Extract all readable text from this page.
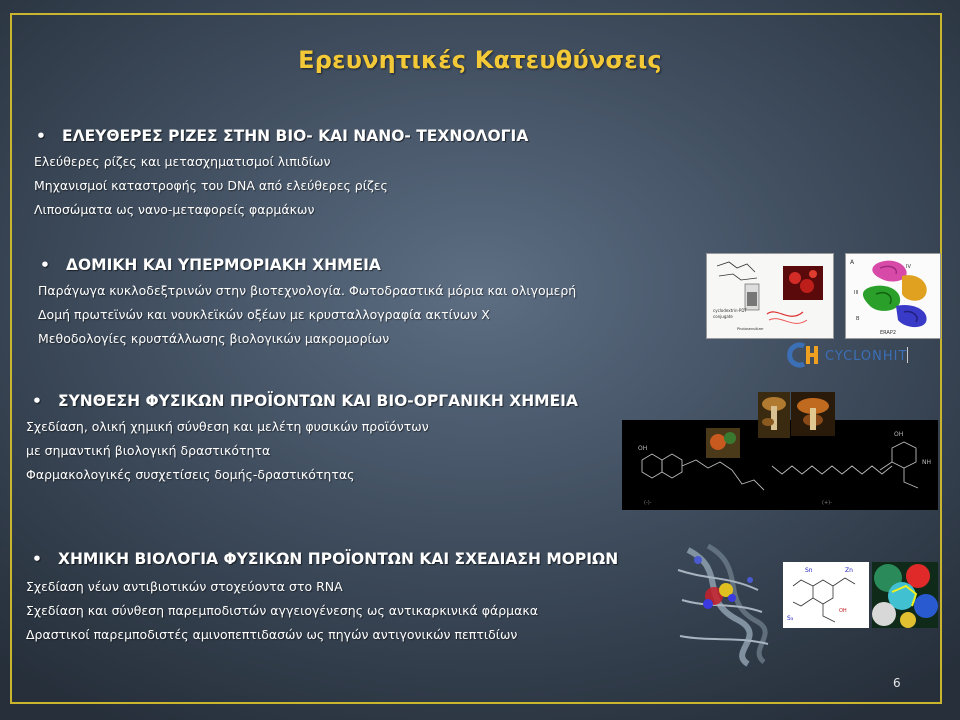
Ερευνητικές Κατευθύνσεις
• ΕΛΕΥΘΕΡΕΣ ΡΙΖΕΣ ΣΤΗΝ ΒΙΟ- ΚΑΙ ΝΑΝΟ- ΤΕΧΝΟΛΟΓΙΑ
Ελεύθερες ρίζες και μετασχηματισμοί λιπιδίων
Μηχανισμοί καταστροφής του DNA από ελεύθερες ρίζες
Λιποσώματα ως νανο-μεταφορείς φαρμάκων
• ΔΟΜΙΚΗ ΚΑΙ ΥΠΕΡΜΟΡΙΑΚΗ ΧΗΜΕΙΑ
Παράγωγα κυκλοδεξτρινών στην βιοτεχνολογία. Φωτοδραστικά μόρια και ολιγομερή
Δομή πρωτεϊνών και νουκλεϊκών οξέων με κρυσταλλογραφία ακτίνων Χ
Μεθοδολογίες κρυστάλλωσης βιολογικών μακρομορίων
• ΣΥΝΘΕΣΗ ΦΥΣΙΚΩΝ ΠΡΟΪΟΝΤΩΝ ΚΑΙ ΒΙΟ-ΟΡΓΑΝΙΚΗ ΧΗΜΕΙΑ
Σχεδίαση, ολική χημική σύνθεση και μελέτη φυσικών προϊόντων
με σημαντική βιολογική δραστικότητα
Φαρμακολογικές συσχετίσεις δομής-δραστικότητας
• ΧΗΜΙΚΗ ΒΙΟΛΟΓΙΑ ΦΥΣΙΚΩΝ ΠΡΟΪΟΝΤΩΝ ΚΑΙ ΣΧΕΔΙΑΣΗ ΜΟΡΙΩΝ
Σχεδίαση νέων αντιβιοτικών στοχεύοντα στο RNA
Σχεδίαση και σύνθεση παρεμποδιστών αγγειογένεσης ως αντικαρκινικά φάρμακα
Δραστικοί παρεμποδιστές αμινοπεπτιδασών ως πηγών αντιγονικών πεπτιδίων
cyclodextrin-PDT
conjugate
Photosensitizer
A
III
IV
B
ERAP2
CYCLONHIT
OH
OH
NH
(-)-	(+)-
Sn	Zn
S₃
OH
6
